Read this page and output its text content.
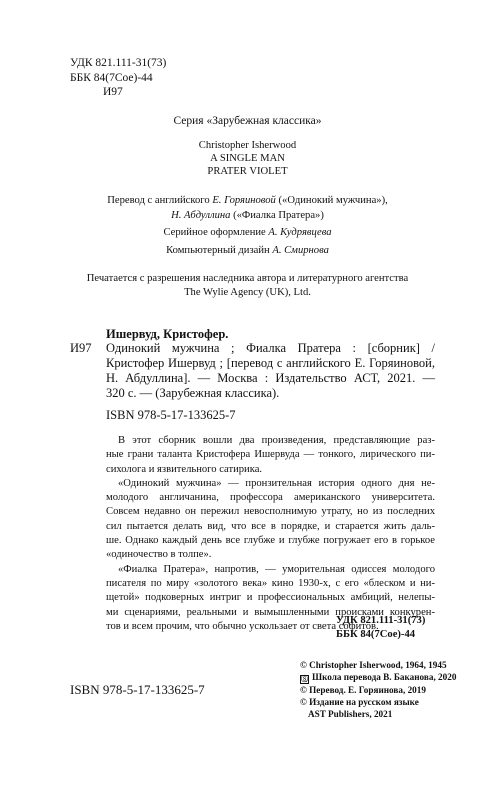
УДК 821.111-31(73)
ББК 84(7Сое)-44
И97
Серия «Зарубежная классика»
Christopher Isherwood
A SINGLE MAN
PRATER VIOLET
Перевод с английского Е. Горяиновой («Одинокий мужчина»),
Н. Абдуллина («Фиалка Пратера»)
Серийное оформление А. Кудрявцева
Компьютерный дизайн А. Смирнова
Печатается с разрешения наследника автора и литературного агентства
The Wylie Agency (UK), Ltd.
Ишервуд, Кристофер.
И97 Одинокий мужчина ; Фиалка Пратера : [сборник] /
Кристофер Ишервуд ; [перевод с английского Е. Горяиновой,
Н. Абдуллина]. — Москва : Издательство АСТ, 2021. —
320 с. — (Зарубежная классика).
ISBN 978-5-17-133625-7
В этот сборник вошли два произведения, представляющие раз-
ные грани таланта Кристофера Ишервуда — тонкого, лирического пи-
сихолога и язвительного сатирика.
«Одинокий мужчина» — пронзительная история одного дня не-
молодого англичанина, профессора американского университета.
Совсем недавно он пережил невосполнимую утрату, но из последних
сил пытается делать вид, что все в порядке, и старается жить даль-
ше. Однако каждый день все глубже и глубже погружает его в горькое
«одиночество в толпе».
«Фиалка Пратера», напротив, — уморительная одиссея молодого
писателя по миру «золотого века» кино 1930-х, с его «блеском и ни-
щетой» подковерных интриг и профессиональных амбиций, нелепы-
ми сценариями, реальными и вымышленными происками конкурен-
тов и всем прочим, что обычно ускользает от света софитов.
УДК 821.111-31(73)
ББК 84(7Сое)-44
© Christopher Isherwood, 1964, 1945
Ⓢ Школа перевода В. Баканова, 2020
© Перевод. Е. Горяинова, 2019
© Издание на русском языке
AST Publishers, 2021
ISBN 978-5-17-133625-7
